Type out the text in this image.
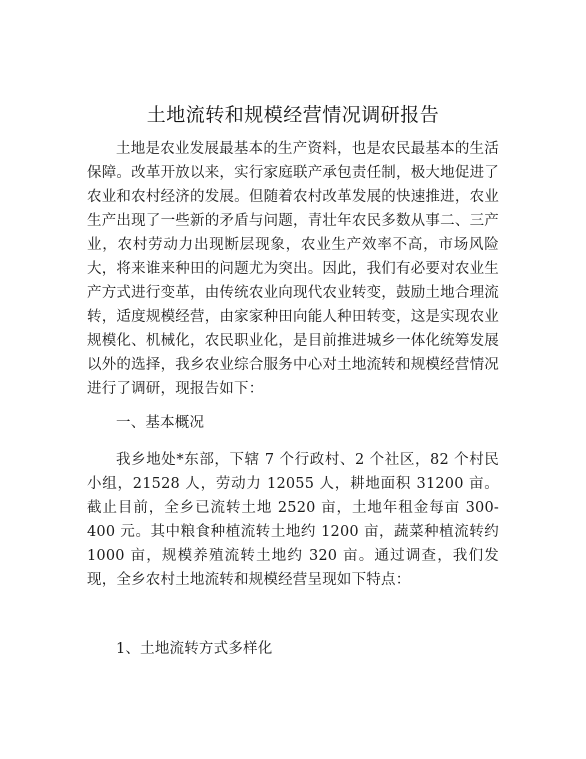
土地流转和规模经营情况调研报告
土地是农业发展最基本的生产资料，也是农民最基本的生活保障。改革开放以来，实行家庭联产承包责任制，极大地促进了农业和农村经济的发展。但随着农村改革发展的快速推进，农业生产出现了一些新的矛盾与问题，青壮年农民多数从事二、三产业，农村劳动力出现断层现象，农业生产效率不高，市场风险大，将来谁来种田的问题尤为突出。因此，我们有必要对农业生产方式进行变革，由传统农业向现代农业转变，鼓励土地合理流转，适度规模经营，由家家种田向能人种田转变，这是实现农业规模化、机械化，农民职业化，是目前推进城乡一体化统筹发展以外的选择，我乡农业综合服务中心对土地流转和规模经营情况进行了调研，现报告如下：
一、基本概况
我乡地处*东部，下辖 7 个行政村、2 个社区，82 个村民小组，21528 人，劳动力 12055 人，耕地面积 31200 亩。截止目前，全乡已流转土地 2520 亩，土地年租金每亩 300-400 元。其中粮食种植流转土地约 1200 亩，蔬菜种植流转约 1000 亩，规模养殖流转土地约 320 亩。通过调查，我们发现，全乡农村土地流转和规模经营呈现如下特点：
1、土地流转方式多样化
